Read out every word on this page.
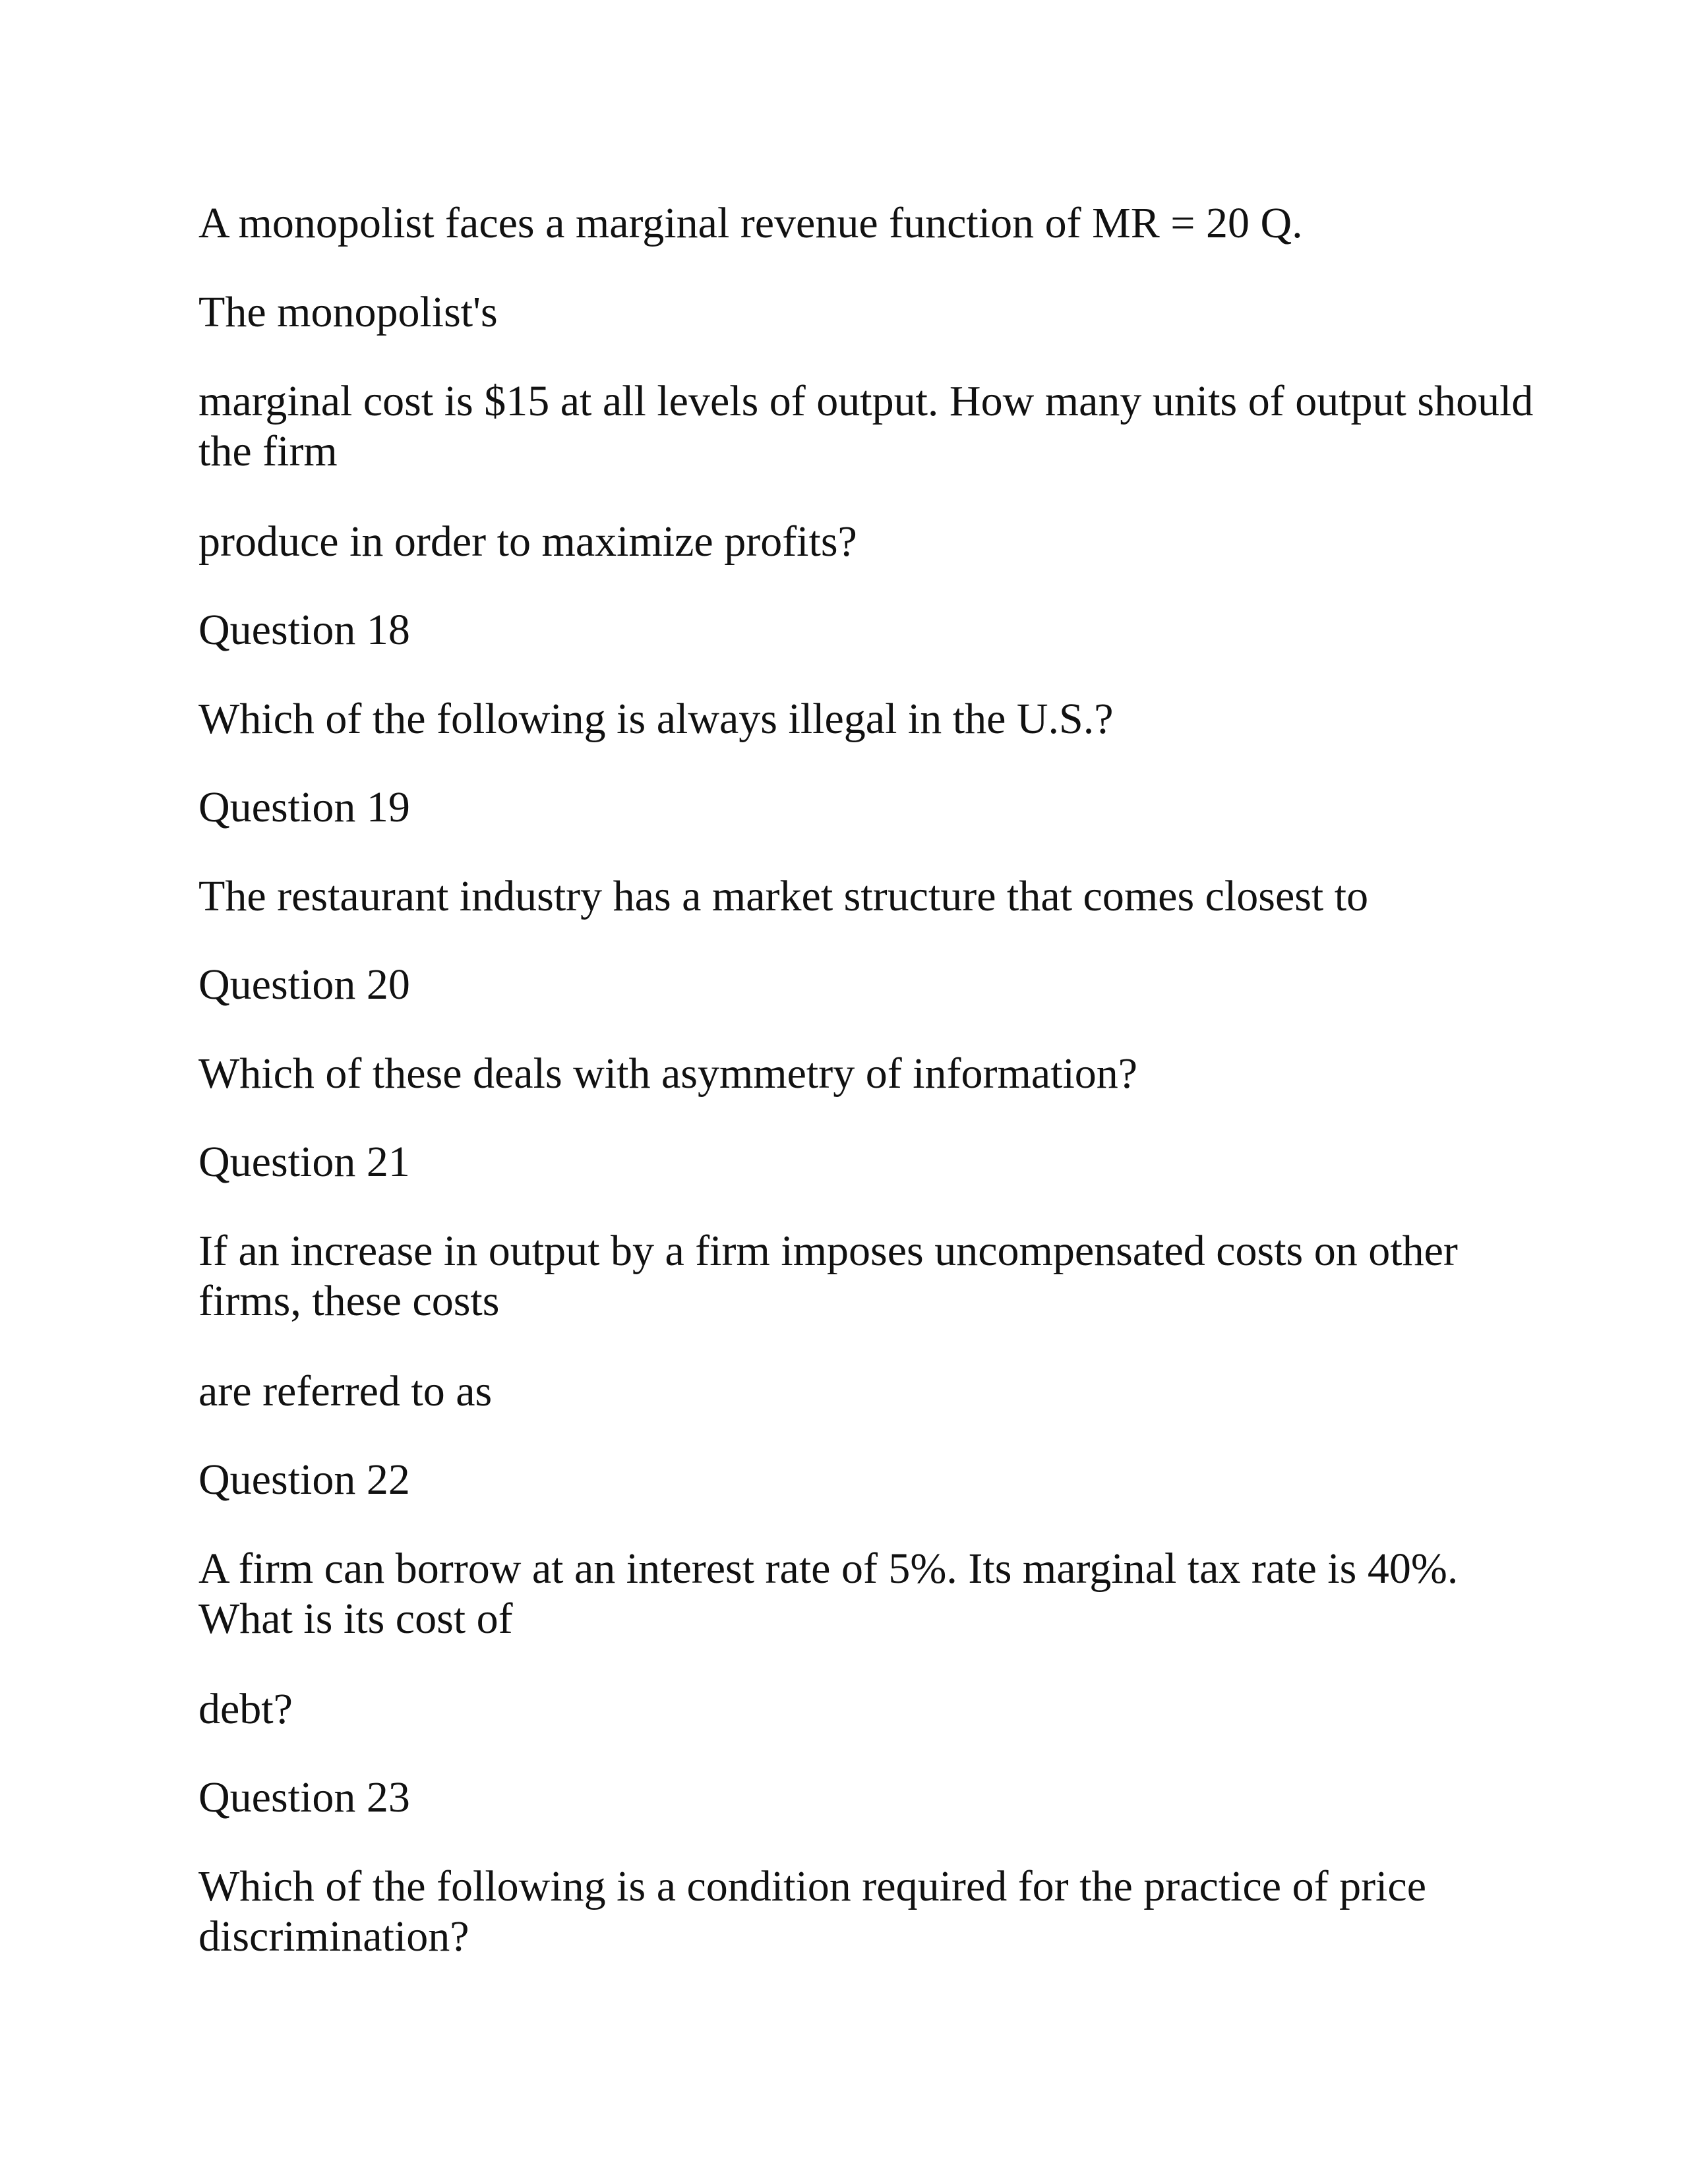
A monopolist faces a marginal revenue function of MR = 20 Q.

The monopolist's

marginal cost is $15 at all levels of output. How many units of output should the firm

produce in order to maximize profits?

Question 18

Which of the following is always illegal in the U.S.?

Question 19

The restaurant industry has a market structure that comes closest to

Question 20

Which of these deals with asymmetry of information?

Question 21

If an increase in output by a firm imposes uncompensated costs on other firms, these costs

are referred to as

Question 22

A firm can borrow at an interest rate of 5%. Its marginal tax rate is 40%. What is its cost of

debt?

Question 23

Which of the following is a condition required for the practice of price discrimination?
